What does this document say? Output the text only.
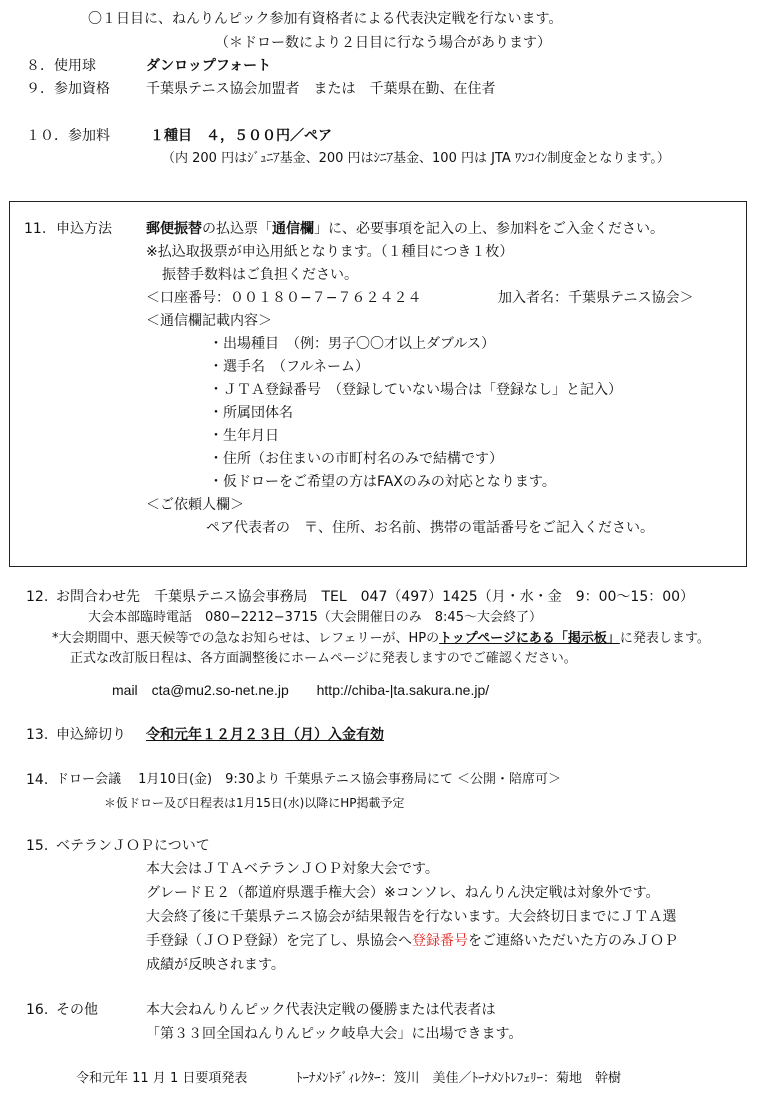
〇１日目に、ねんりんピック参加有資格者による代表決定戦を行ないます。
（＊ドロー数により２日目に行なう場合があります）
８．使用球	ダンロップフォート
９．参加資格	千葉県テニス協会加盟者　または　千葉県在勤、在住者
１０．参加料	１種目　４，５００円／ペア
（内 200 円はｼﾞｭﾆｱ基金、200 円はｼﾆｱ基金、100 円は JTA ﾜﾝｺｲﾝ制度金となります。）
11. 申込方法 郵便振替の払込票「通信欄」に、必要事項を記入の上、参加料をご入金ください。
※払込取扱票が申込用紙となります。（１種目につき１枚）
振替手数料はご負担ください。
＜口座番号：００１８０−７−７６２４２４	加入者名：千葉県テニス協会＞
＜通信欄記載内容＞
・出場種目　（例：男子〇〇才以上ダブルス）
・選手名　（フルネーム）
・ＪＴＡ登録番号　（登録していない場合は「登録なし」と記入）
・所属団体名
・生年月日
・住所（お住まいの市町村名のみで結構です）
・仮ドローをご希望の方はFAXのみの対応となります。
＜ご依頼人欄＞
ペア代表者の　〒、住所、お名前、携帯の電話番号をご記入ください。
12. お問合わせ先　千葉県テニス協会事務局　TEL　047（497）1425（月・水・金　9：00〜15：00）
大会本部臨時電話　080−2212−3715（大会開催日のみ　8:45〜大会終了）
*大会期間中、悪天候等での急なお知らせは、レフェリーが、HPのトップページにある「掲示板」に発表します。
正式な改訂版日程は、各方面調整後にホームページに発表しますのでご確認ください。
mail cta@mu2.so-net.ne.jp http://chiba-|ta.sakura.ne.jp/
13. 申込締切り 令和元年１２月２３日（月）入金有効
14. ドロー会議　 1月10日(金)　9:30より 千葉県テニス協会事務局にて ＜公開・陪席可＞
＊仮ドロー及び日程表は1月15日(水)以降にHP掲載予定
15. ベテランＪＯＰについて
本大会はＪＴＡベテランＪＯＰ対象大会です。
グレードＥ２（都道府県選手権大会）※コンソレ、ねんりん決定戦は対象外です。
大会終了後に千葉県テニス協会が結果報告を行ないます。大会終切日までにＪＴＡ選
手登録（ＪＯＰ登録）を完了し、県協会へ登録番号をご連絡いただいた方のみＪＯＰ
成績が反映されます。
16. その他	本大会ねんりんピック代表決定戦の優勝または代表者は
「第３３回全国ねんりんピック岐阜大会」に出場できます。
令和元年 11 月 1 日要項発表	ﾄｰﾅﾒﾝﾄﾃﾞｨﾚｸﾀｰ：笈川　美佳／ﾄｰﾅﾒﾝﾄﾚﾌｪﾘｰ：菊地　幹樹
